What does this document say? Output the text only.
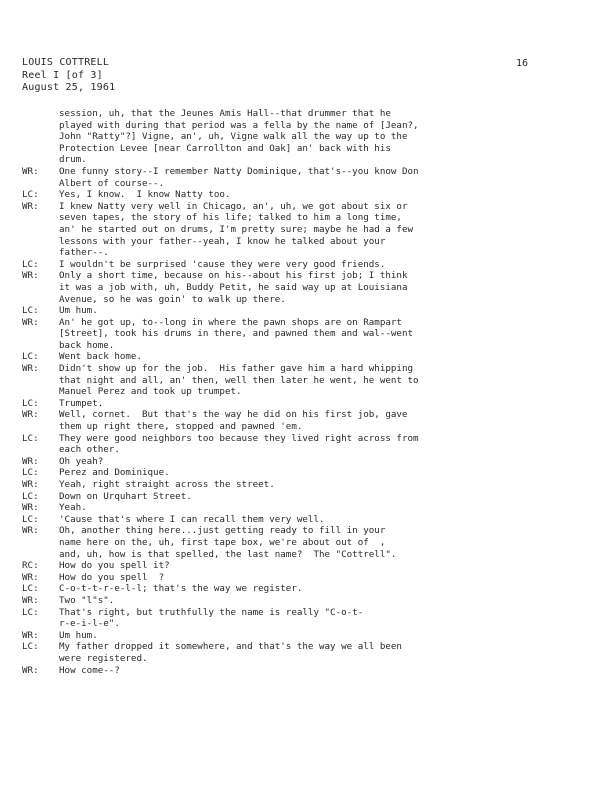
LOUIS COTTRELL
Reel I [of 3]
August 25, 1961
16
session, uh, that the Jeunes Amis Hall--that drummer that he
played with during that period was a fella by the name of [Jean?,
John "Ratty"?] Vigne, an', uh, Vigne walk all the way up to the
Protection Levee [near Carrollton and Oak] an' back with his
drum.
WR:	One funny story--I remember Natty Dominique, that's--you know Don
Albert of course--.
LC:	Yes, I know.  I know Natty too.
WR:	I knew Natty very well in Chicago, an', uh, we got about six or
seven tapes, the story of his life; talked to him a long time,
an' he started out on drums, I'm pretty sure; maybe he had a few
lessons with your father--yeah, I know he talked about your
father--.
LC:	I wouldn't be surprised 'cause they were very good friends.
WR:	Only a short time, because on his--about his first job; I think
it was a job with, uh, Buddy Petit, he said way up at Louisiana
Avenue, so he was goin' to walk up there.
LC:	Um hum.
WR:	An' he got up, to--long in where the pawn shops are on Rampart
[Street], took his drums in there, and pawned them and wal--went
back home.
LC:	Went back home.
WR:	Didn't show up for the job.  His father gave him a hard whipping
that night and all, an' then, well then later he went, he went to
Manuel Perez and took up trumpet.
LC:	Trumpet.
WR:	Well, cornet.  But that's the way he did on his first job, gave
them up right there, stopped and pawned 'em.
LC:	They were good neighbors too because they lived right across from
each other.
WR:	Oh yeah?
LC:	Perez and Dominique.
WR:	Yeah, right straight across the street.
LC:	Down on Urquhart Street.
WR:	Yeah.
LC:	'Cause that's where I can recall them very well.
WR:	Oh, another thing here...just getting ready to fill in your
name here on the, uh, first tape box, we're about out of  ,
and, uh, how is that spelled, the last name?  The "Cottrell".
RC:	How do you spell it?
WR:	How do you spell  ?
LC:	C-o-t-t-r-e-l-l; that's the way we register.
WR:	Two "l"s".
LC:	That's right, but truthfully the name is really "C-o-t-
r-e-i-l-e".
WR:	Um hum.
LC:	My father dropped it somewhere, and that's the way we all been
were registered.
WR:	How come--?
